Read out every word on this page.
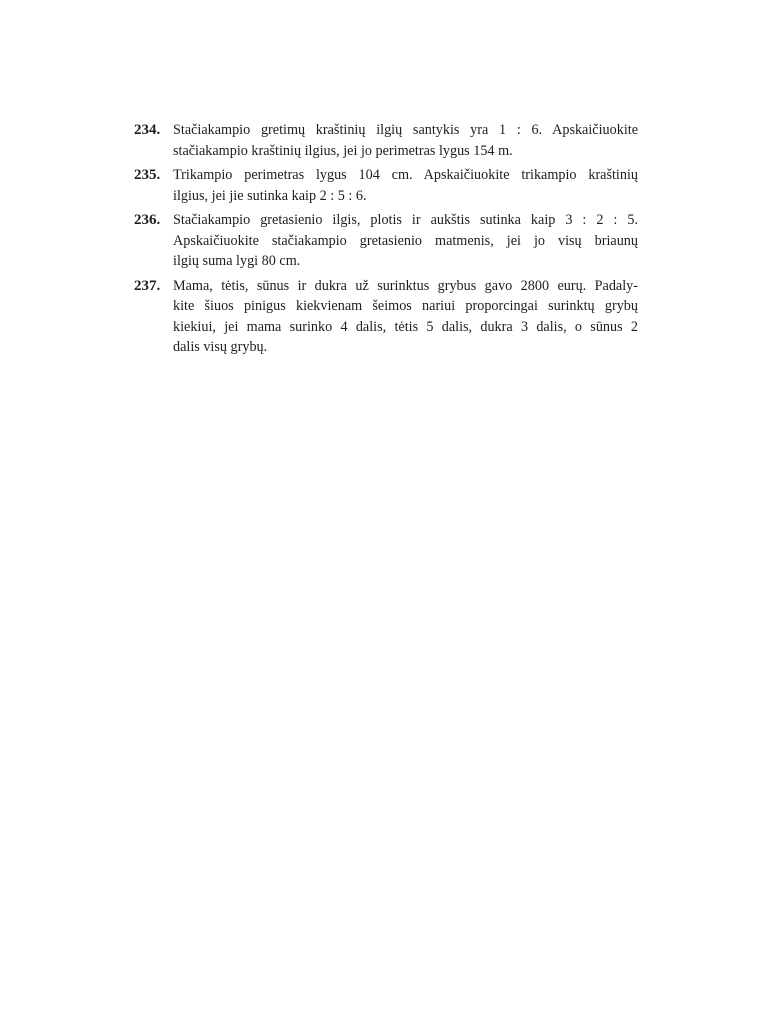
234. Stačiakampio gretimų kraštinių ilgių santykis yra 1 : 6. Apskaičiuokite
stačiakampio kraštinių ilgius, jei jo perimetras lygus 154 m.
235. Trikampio perimetras lygus 104 cm. Apskaičiuokite trikampio kraštinių
ilgius, jei jie sutinka kaip 2 : 5 : 6.
236. Stačiakampio gretasienio ilgis, plotis ir aukštis sutinka kaip 3 : 2 : 5.
Apskaičiuokite stačiakampio gretasienio matmenis, jei jo visų briaunų
ilgių suma lygi 80 cm.
237. Mama, tėtis, sūnus ir dukra už surinktus grybus gavo 2800 eurų. Padaly-
kite šiuos pinigus kiekvienam šeimos nariui proporcingai surinktų grybų
kiekiui, jei mama surinko 4 dalis, tėtis 5 dalis, dukra 3 dalis, o sūnus 2
dalis visų grybų.
